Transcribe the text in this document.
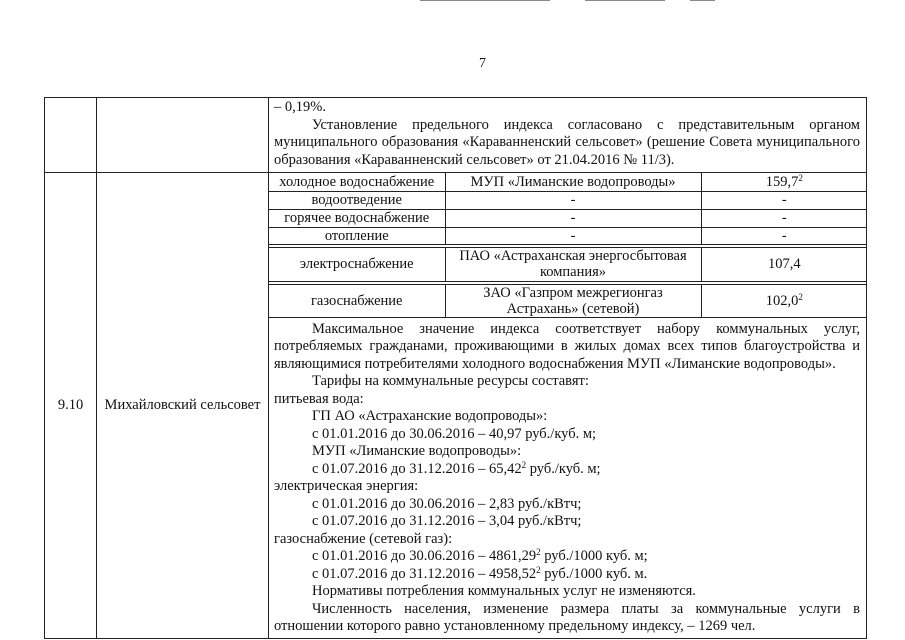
7

– 0,19%.

Установление предельного индекса согласовано с представительным органом муниципального образования «Караванненский сельсовет» (решение Совета муниципального образования «Караванненский сельсовет» от 21.04.2016 № 11/3).

9.10	Михайловский сельсовет	
холодное водоснабжение	МУП «Лиманские водопроводы»	159,7$^2$
водоотведение	-	-
горячее водоснабжение	-	-
отопление	-	-

электроснабжение	ПАО «Астраханская энергосбытовая компания»	107,4

газоснабжение	ЗАО «Газпром межрегионгаз Астрахань» (сетевой)	102,0$^2$

Максимальное значение индекса соответствует набору коммунальных услуг, потребляемых гражданами, проживающими в жилых домах всех типов благоустройства и являющимися потребителями холодного водоснабжения МУП «Лиманские водопроводы».

Тарифы на коммунальные ресурсы составят:

питьевая вода:

ГП АО «Астраханские водопроводы»:

с 01.01.2016 до 30.06.2016 – 40,97 руб./куб. м;

МУП «Лиманские водопроводы»:

с 01.07.2016 до 31.12.2016 – 65,42$^2$ руб./куб. м;

электрическая энергия:

с 01.01.2016 до 30.06.2016 – 2,83 руб./кВтч;

с 01.07.2016 до 31.12.2016 – 3,04 руб./кВтч;

газоснабжение (сетевой газ):

с 01.01.2016 до 30.06.2016 – 4861,29$^2$ руб./1000 куб. м;

с 01.07.2016 до 31.12.2016 – 4958,52$^2$ руб./1000 куб. м.

Нормативы потребления коммунальных услуг не изменяются.

Численность населения, изменение размера платы за коммунальные услуги в отношении которого равно установленному предельному индексу, – 1269 чел.
